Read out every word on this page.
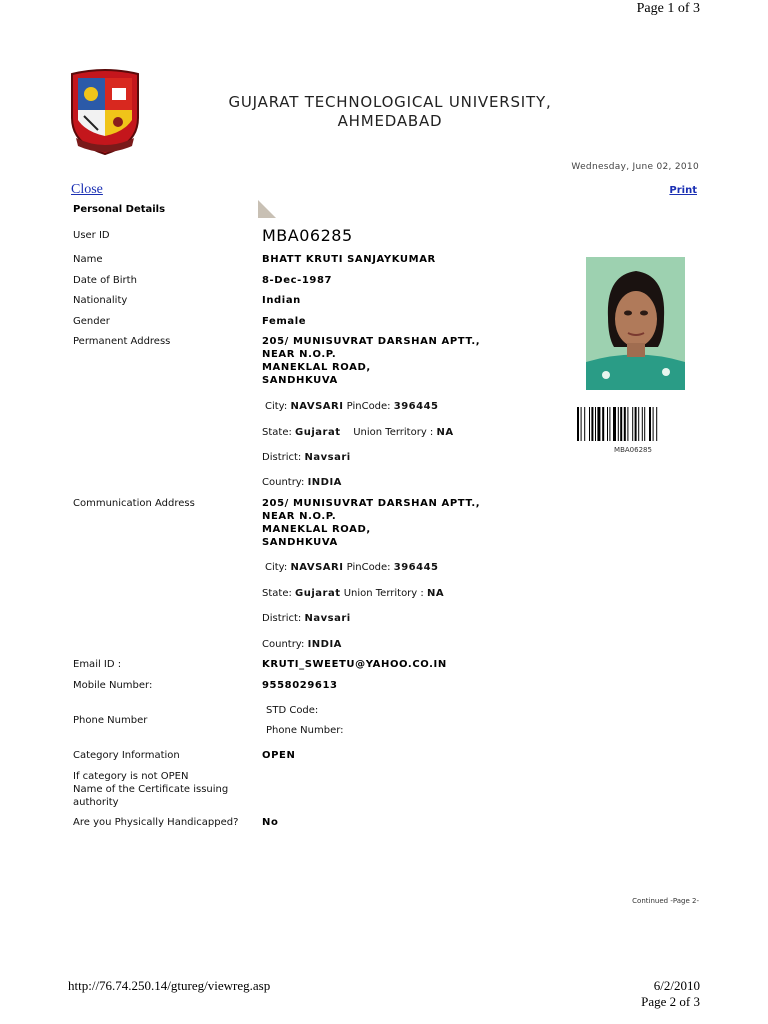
Page 1 of 3
GUJARAT TECHNOLOGICAL UNIVERSITY,
AHMEDABAD
Wednesday, June 02, 2010
Close	Print
Personal Details
User ID	MBA06285
Name	BHATT KRUTI SANJAYKUMAR
Date of Birth	8-Dec-1987
Nationality	Indian
Gender	Female
Permanent Address	205/ MUNISUVRAT DARSHAN APTT.,
NEAR N.O.P.
MANEKLAL ROAD,
SANDHKUVA
City: NAVSARI PinCode: 396445
State: Gujarat Union Territory : NA
District: Navsari
Country: INDIA
Communication Address	205/ MUNISUVRAT DARSHAN APTT.,
NEAR N.O.P.
MANEKLAL ROAD,
SANDHKUVA
City: NAVSARI PinCode: 396445
State: Gujarat Union Territory : NA
District: Navsari
Country: INDIA
Email ID :	KRUTI_SWEETU@YAHOO.CO.IN
Mobile Number:	9558029613
Phone Number
STD Code:
Phone Number:
Category Information	OPEN
If category is not OPEN
Name of the Certificate issuing
authority
Are you Physically Handicapped? No
MBA06285
Continued -Page 2-
http://76.74.250.14/gtureg/viewreg.asp	6/2/2010
Page 2 of 3
